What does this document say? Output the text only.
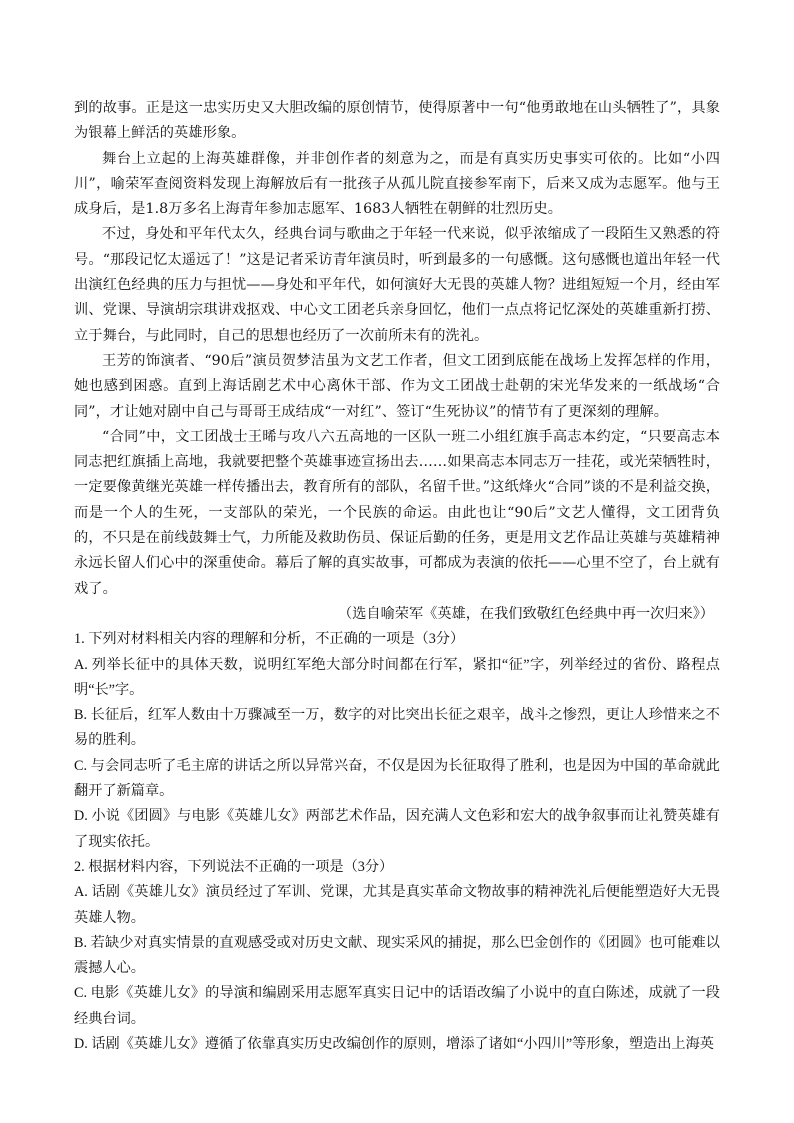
到的故事。正是这一忠实历史又大胆改编的原创情节，使得原著中一句“他勇敢地在山头牺牲了”，具象为银幕上鲜活的英雄形象。

舞台上立起的上海英雄群像，并非创作者的刻意为之，而是有真实历史事实可依的。比如“小四川”，喻荣军查阅资料发现上海解放后有一批孩子从孤儿院直接参军南下，后来又成为志愿军。他与王成身后，是1.8万多名上海青年参加志愿军、1683人牺牲在朝鲜的壮烈历史。

不过，身处和平年代太久，经典台词与歌曲之于年轻一代来说，似乎浓缩成了一段陌生又熟悉的符号。“那段记忆太遥远了！”这是记者采访青年演员时，听到最多的一句感慨。这句感慨也道出年轻一代出演红色经典的压力与担忧——身处和平年代，如何演好大无畏的英雄人物？进组短短一个月，经由军训、党课、导演胡宗琪讲戏抠戏、中心文工团老兵亲身回忆，他们一点点将记忆深处的英雄重新打捞、立于舞台，与此同时，自己的思想也经历了一次前所未有的洗礼。

王芳的饰演者、“90后”演员贺梦洁虽为文艺工作者，但文工团到底能在战场上发挥怎样的作用，她也感到困惑。直到上海话剧艺术中心离休干部、作为文工团战士赴朝的宋光华发来的一纸战场“合同”，才让她对剧中自己与哥哥王成结成“一对红”、签订“生死协议”的情节有了更深刻的理解。

“合同”中，文工团战士王晞与攻八六五高地的一区队一班二小组红旗手高志本约定，“只要高志本同志把红旗插上高地，我就要把整个英雄事迹宣扬出去……如果高志本同志万一挂花，或光荣牺牲时，一定要像黄继光英雄一样传播出去，教育所有的部队，名留千世。”这纸烽火“合同”谈的不是利益交换，而是一个人的生死，一支部队的荣光，一个民族的命运。由此也让“90后”文艺人懂得，文工团背负的，不只是在前线鼓舞士气，力所能及救助伤员、保证后勤的任务，更是用文艺作品让英雄与英雄精神永远长留人们心中的深重使命。幕后了解的真实故事，可都成为表演的依托——心里不空了，台上就有戏了。

（选自喻荣军《英雄，在我们致敬红色经典中再一次归来》）

1. 下列对材料相关内容的理解和分析，不正确的一项是（3分）

A. 列举长征中的具体天数，说明红军绝大部分时间都在行军，紧扣“征”字，列举经过的省份、路程点明“长”字。

B. 长征后，红军人数由十万骤减至一万，数字的对比突出长征之艰辛，战斗之惨烈，更让人珍惜来之不易的胜利。

C. 与会同志听了毛主席的讲话之所以异常兴奋，不仅是因为长征取得了胜利，也是因为中国的革命就此翻开了新篇章。

D. 小说《团圆》与电影《英雄儿女》两部艺术作品，因充满人文色彩和宏大的战争叙事而让礼赞英雄有了现实依托。

2. 根据材料内容，下列说法不正确的一项是（3分）

A. 话剧《英雄儿女》演员经过了军训、党课，尤其是真实革命文物故事的精神洗礼后便能塑造好大无畏英雄人物。

B. 若缺少对真实情景的直观感受或对历史文献、现实采风的捕捉，那么巴金创作的《团圆》也可能难以震撼人心。

C. 电影《英雄儿女》的导演和编剧采用志愿军真实日记中的话语改编了小说中的直白陈述，成就了一段经典台词。

D. 话剧《英雄儿女》遵循了依靠真实历史改编创作的原则，增添了诸如“小四川”等形象，塑造出上海英
